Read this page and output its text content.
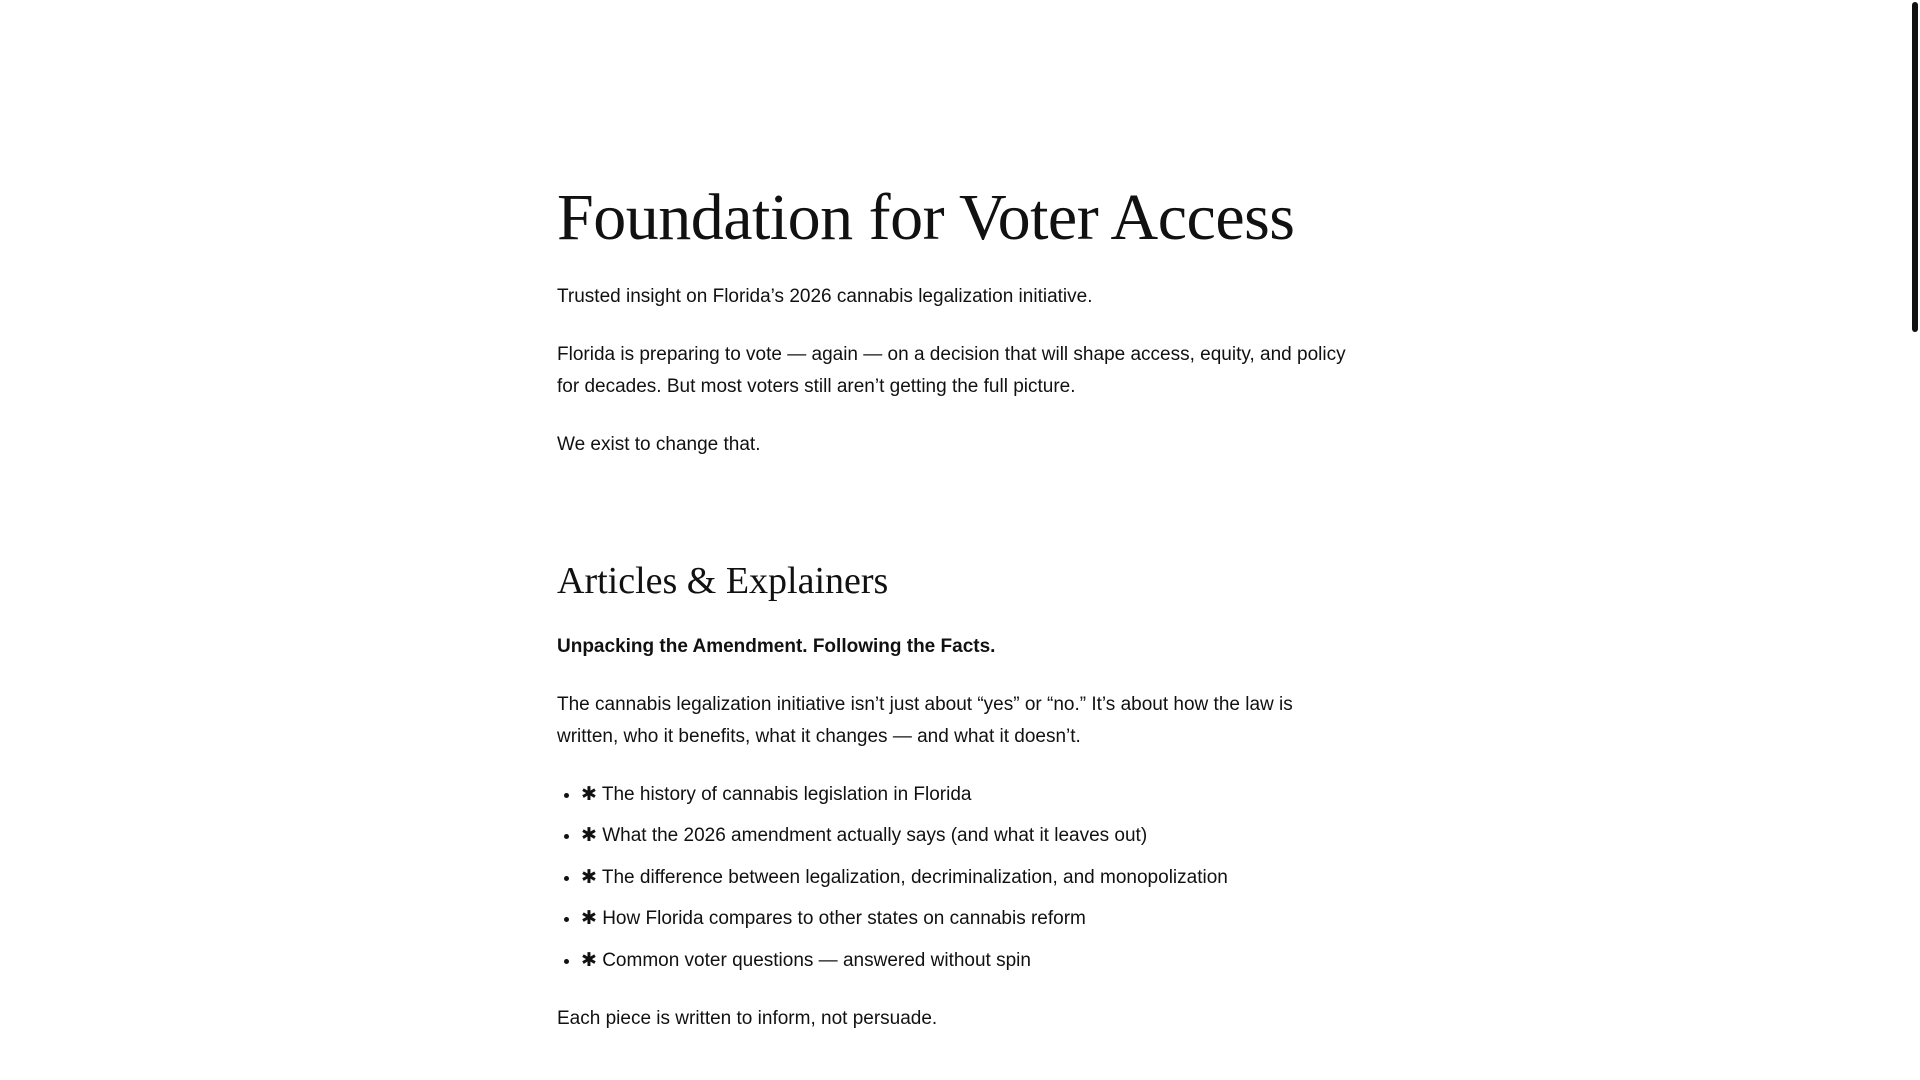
Foundation for Voter Access

Trusted insight on Florida’s 2026 cannabis legalization initiative.

Florida is preparing to vote — again — on a decision that will shape access, equity, and policy for decades. But most voters still aren’t getting the full picture.

We exist to change that.

Articles & Explainers

Unpacking the Amendment. Following the Facts.

The cannabis legalization initiative isn’t just about “yes” or “no.” It’s about how the law is written, who it benefits, what it changes — and what it doesn’t.

• ✱ The history of cannabis legislation in Florida
• ✱ What the 2026 amendment actually says (and what it leaves out)
• ✱ The difference between legalization, decriminalization, and monopolization
• ✱ How Florida compares to other states on cannabis reform
• ✱ Common voter questions — answered without spin

Each piece is written to inform, not persuade.
